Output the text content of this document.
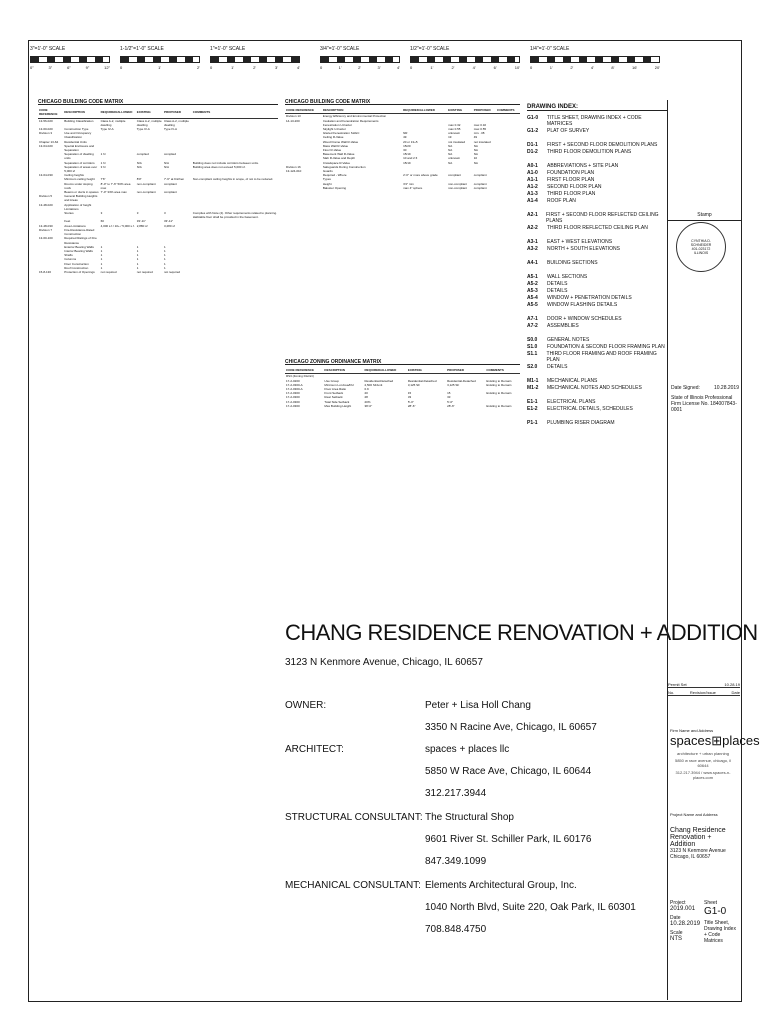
3"=1'-0" SCALE
0"	3"	6"	9"	12"
1-1/2"=1'-0" SCALE
0	1'	2'
1"=1'-0" SCALE
0	1'	2'	3'	4'
3/4"=1'-0" SCALE
0	1'	2'	3'	4'
1/2"=1'-0" SCALE
0	1'	2'	4'	6'	10'
1/4"=1'-0" SCALE
0	1'	2'	4'	8'	16'	20'
CHICAGO BUILDING CODE MATRIX
CODE REFERENCE	DESCRIPTION	REQUIRED/ALLOWED	EXISTING	PROPOSED	COMMENTS
13-56-020	Building Classification	Class A-2, multiple dwelling	Class A-2, multiple dwelling	Class A-2, multiple dwelling	
13-60-020	Construction Type	Type IV-A	Type IV-A	Type IV-A	
Division 3	Use and Occupancy Classification				
Chapter 13-64	Residential Units				
13-64-020	Special Enclosure and Separation				
	Separation of dwelling units	1 hr	complied	complied	
	Separation of corridors	1 hr	N/A	N/A	Building does not include corridors between units.
	Separation of areas over 5,000 sf	3 hr	N/A	N/A	Building area does not exceed 5,000 sf.
13-64-030	Ceiling heights				
	Minimum ceiling height	7'6"	8'0"	7'-6" at Kitchen	Non-compliant ceiling heights in scope, of not to be reduced.
	Rooms under sloping roofs	8'-0" to 7'-6" 50% area max	non-compliant	compliant	
	Beams or ducts in spaces	7'-0" 33% area max	non-compliant	compliant	
Division 5	General Building Heights and Areas				
13-48-020	Application of height Limitations				
	Stories	3	3	3	Complies with Note (4). Other requirements related to planning. Habitable floor shall be provided in the basement.
	Feet	60	33'-11"	33'-11"	
13-48-030	Area Limitations	4,000 s.f./ 10+ / 5,000 s.f.	2,880 sf	3,280 sf	
Division 7	Fire-Resistance-Rated Construction				
13-60-100	Required Ratings of Fire Resistance				
	Exterior Bearing Walls	1	1	1	
	Interior Bearing Walls	1	1	1	
	Shafts	1	1	1	
	Columns	1	1	1	
	Floor Construction	1	1	1	
	Roof Construction	1	1	1	
15-8-130	Protection of Openings	not required	not required	not required	
CHICAGO BUILDING CODE MATRIX
CODE REFERENCE	DESCRIPTION	REQUIRED/ALLOWED	EXISTING	PROPOSED	COMMENTS
Division 13	Energy Efficiency and Environmental Protection				
14-13-200	Insulation and Fenestration Requirements				
	Fenestration U-Factor		max 0.32	max 0.32	
	Skylight U-Factor		max 0.55	max 0.55	
	Glazed Fenestration SHGC	NR	unknown	min. .38	
	Ceiling R-Value	49	19	49	
	Wood Frame Wall R-Value	20 or 13+5	not insulated	not insulated	
	Mass Wall R-Value	15/20	NA	NA	
	Floor R-Value	30	NA	NA	
	Basement Wall R-Value	15/19	NA	NA	
	Slab R-Value and Depth	10 and 2 ft	unknown	10	
	Crawlspace R-Value	15/19	NA	NA	
Division 16	Safeguards During Construction				
13-124-010	Guards				
	Required - Where	2'-0" or more above grade	compliant	compliant	
	Types				
	Height	3'4" min	non-compliant	compliant	
	Baluster Opening	max 4" sphere	non-compliant	compliant	
CHICAGO ZONING ORDINANCE MATRIX
CODE REFERENCE	DESCRIPTION	REQUIRED/ALLOWED	EXISTING	PROPOSED	COMMENTS
RS3 (Zoning District)					
17-2-0200	Use Group	Residential-Detached	Residential-Detached	Residential-Detached	Existing to Remain
17-2-0300-A	Minimum Lot Area/DU	2,500 SF/unit	3,125 SF	3,125 SF	Existing to Remain
17-2-0300-A	Floor Area Ratio	0.9			
17-2-0300	Front Setback	20	15	15	Existing to Remain
17-2-0300	Rear Setback	28	33	33	
17-2-0300	Total Side Setback	20%	5'-0"	5'-0"	
17-2-0300	Max Building Height	38'-0"	28'-6"	28'-6"	Existing to Remain
CHANG RESIDENCE RENOVATION + ADDITION
3123 N Kenmore Avenue, Chicago, IL 60657
OWNER:	Peter + Lisa Holl Chang
3350 N Racine Ave, Chicago, IL 60657
ARCHITECT:	spaces + places llc
5850 W Race Ave, Chicago, IL 60644
312.217.3944
STRUCTURAL CONSULTANT: The Structural Shop
9601 River St. Schiller Park, IL 60176
847.349.1099
MECHANICAL CONSULTANT: Elements Architectural Group, Inc.
1040 North Blvd, Suite 220, Oak Park, IL 60301
708.848.4750
DRAWING INDEX:
G1-0	TITLE SHEET, DRAWING INDEX + CODE MATRICES
G1-2	PLAT OF SURVEY
D1-1	FIRST + SECOND FLOOR DEMOLITION PLANS
D1-2	THIRD FLOOR DEMOLITION PLANS
A0-1	ABBREVIATIONS + SITE PLAN
A1-0	FOUNDATION PLAN
A1-1	FIRST FLOOR PLAN
A1-2	SECOND FLOOR PLAN
A1-3	THIRD FLOOR PLAN
A1-4	ROOF PLAN
A2-1	FIRST + SECOND FLOOR REFLECTED CEILING PLANS
A2-2	THIRD FLOOR REFLECTED CEILING PLAN
A3-1	EAST + WEST ELEVATIONS
A3-2	NORTH + SOUTH ELEVATIONS
A4-1	BUILDING SECTIONS
A5-1	WALL SECTIONS
A5-2	DETAILS
A5-3	DETAILS
A5-4	WINDOW + PENETRATION DETAILS
A5-5	WINDOW FLASHING DETAILS
A7-1	DOOR + WINDOW SCHEDULES
A7-2	ASSEMBLIES
S0.0	GENERAL NOTES
S1.0	FOUNDATION & SECOND FLOOR FRAMING PLAN
S1.1	THIRD FLOOR FRAMING AND ROOF FRAMING PLAN
S2.0	DETAILS
M1-1	MECHANICAL PLANS
M1-2	MECHANICAL NOTES AND SCHEDULES
E1-1	ELECTRICAL PLANS
E1-2	ELECTRICAL DETAILS, SCHEDULES
P1-1	PLUMBING RISER DIAGRAM
Stamp
Date Signed:	10.28.2019
State of Illinois Professional Firm License No. 184007843-0001
CYNTHIA D.
SCHNEIDER
401-023172
ILLINOIS
Permit Set	10.28.19
No.	Revision/Issue	Date
Firm Name and Address
spaces⊞places
architecture + urban planning
5850 w race avenue, chicago, il 60644
312.217.3944 / www.spaces-n-places.com
Project Name and Address
Chang Residence
Renovation + Addition
3123 N Kenmore Avenue
Chicago, IL 60657
Project
2019.001
Date
10.28.2019
Scale
NTS
Sheet
G1-0
Title Sheet, Drawing Index + Code Matrices
